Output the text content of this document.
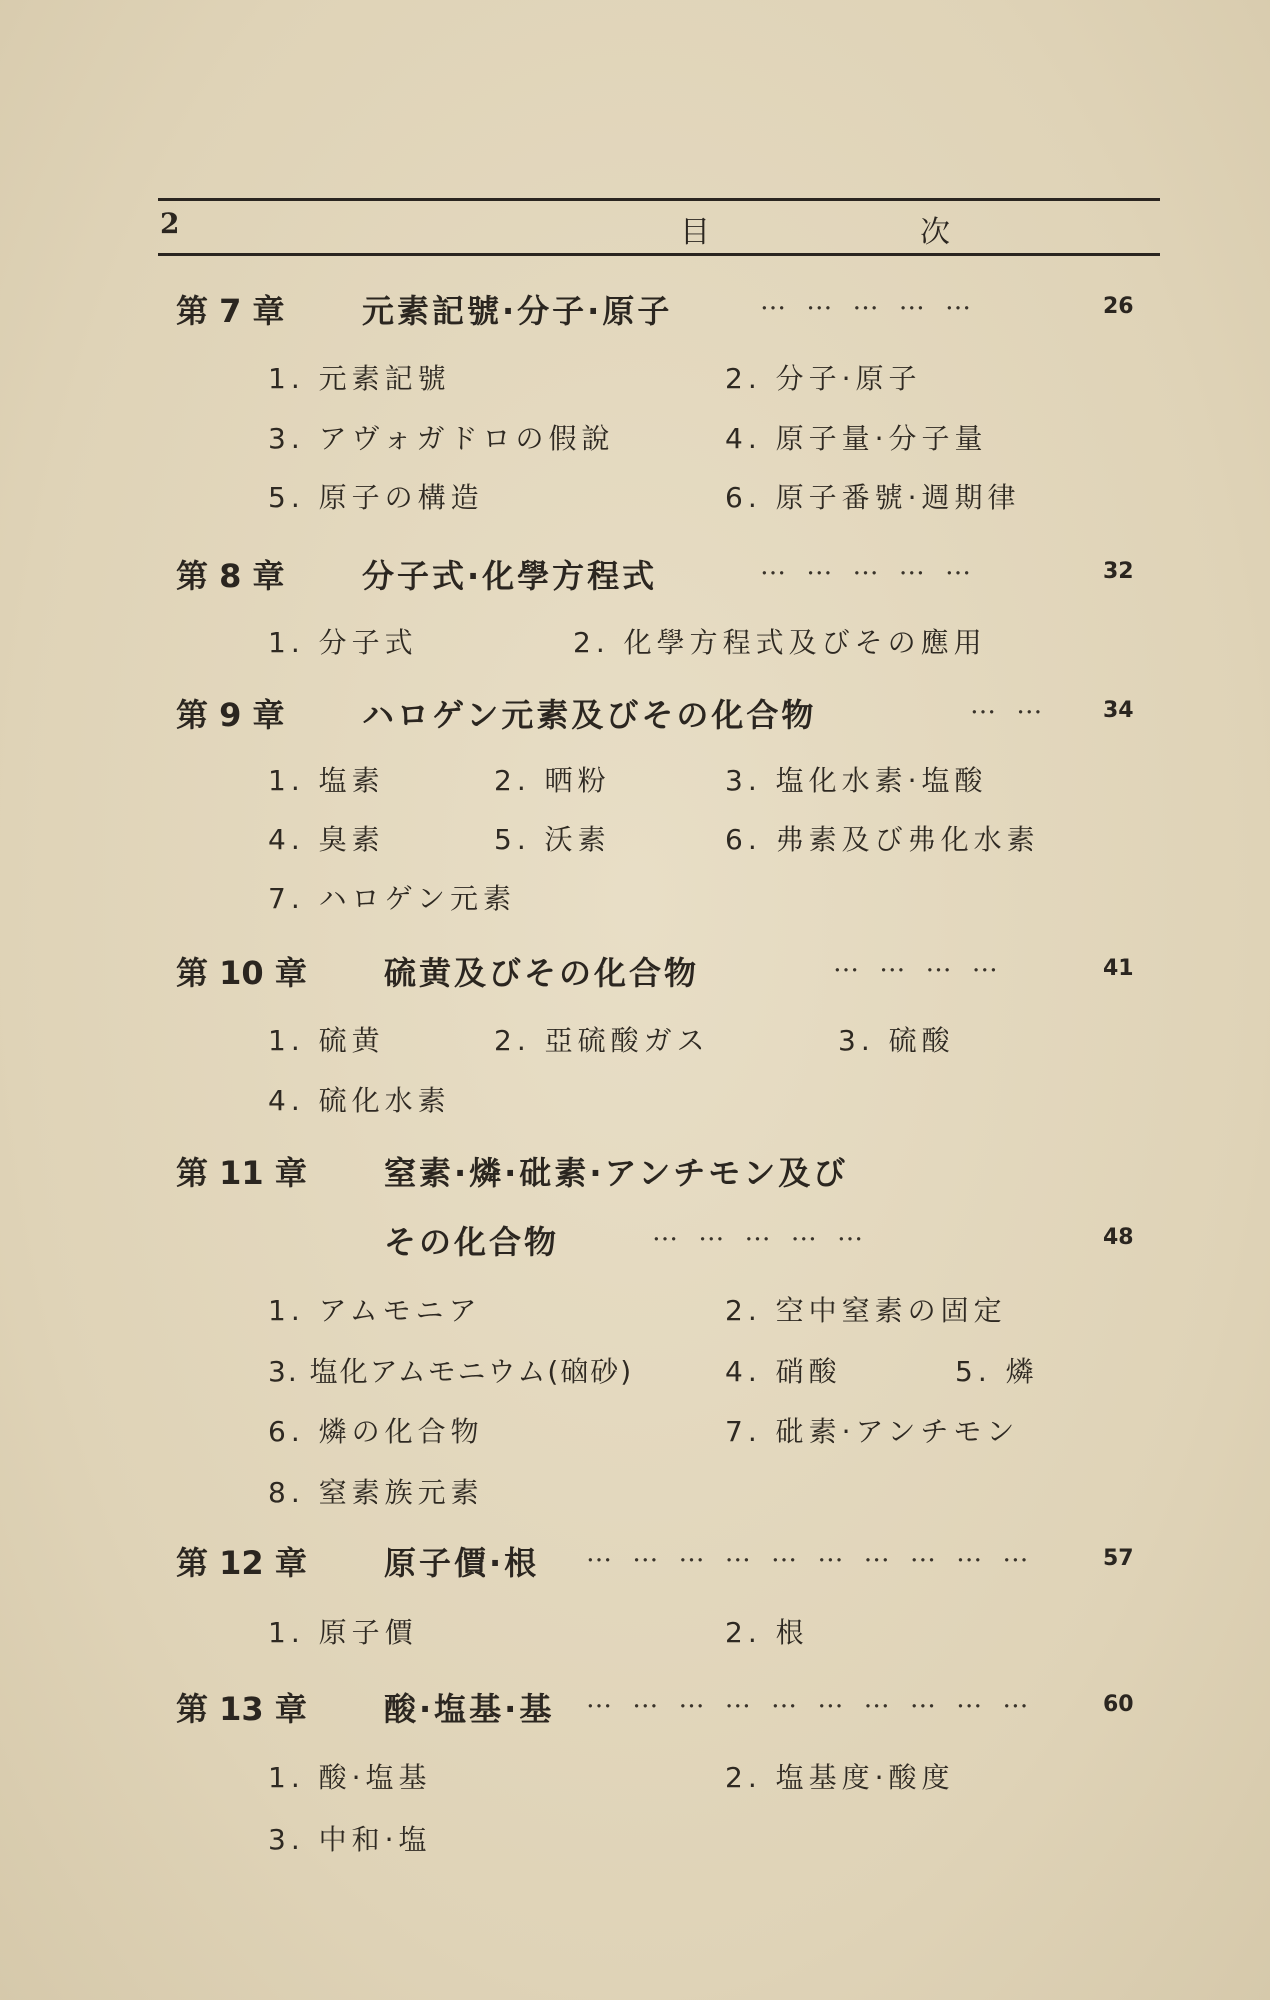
2	目	次
第 7 章 元素記號·分子·原子	… … … … …	26
1. 元素記號	2. 分子·原子
3. アヴォガドロの假說	4. 原子量·分子量
5. 原子の構造	6. 原子番號·週期律
第 8 章 分子式·化學方程式	… … … … …	32
1. 分子式	2. 化學方程式及びその應用
第 9 章 ハロゲン元素及びその化合物	… … 34
1. 塩素	2. 晒粉	3. 塩化水素·塩酸
4. 臭素	5. 沃素	6. 弗素及び弗化水素
7. ハロゲン元素
第 10 章 硫黄及びその化合物	… … … …	41
1. 硫黄	2. 亞硫酸ガス	3. 硫酸
4. 硫化水素
第 11 章 窒素·燐·砒素·アンチモン及び
その化合物	… … … … …	48
1. アムモニア	2. 空中窒素の固定
3. 塩化アムモニウム(硇砂)	4. 硝酸	5. 燐
6. 燐の化合物	7. 砒素·アンチモン
8. 窒素族元素
第 12 章 原子價·根 … … … … … … … … … …	57
1. 原子價	2. 根
第 13 章 酸·塩基·基 … … … … … … … … … …	60
1. 酸·塩基	2. 塩基度·酸度
3. 中和·塩
